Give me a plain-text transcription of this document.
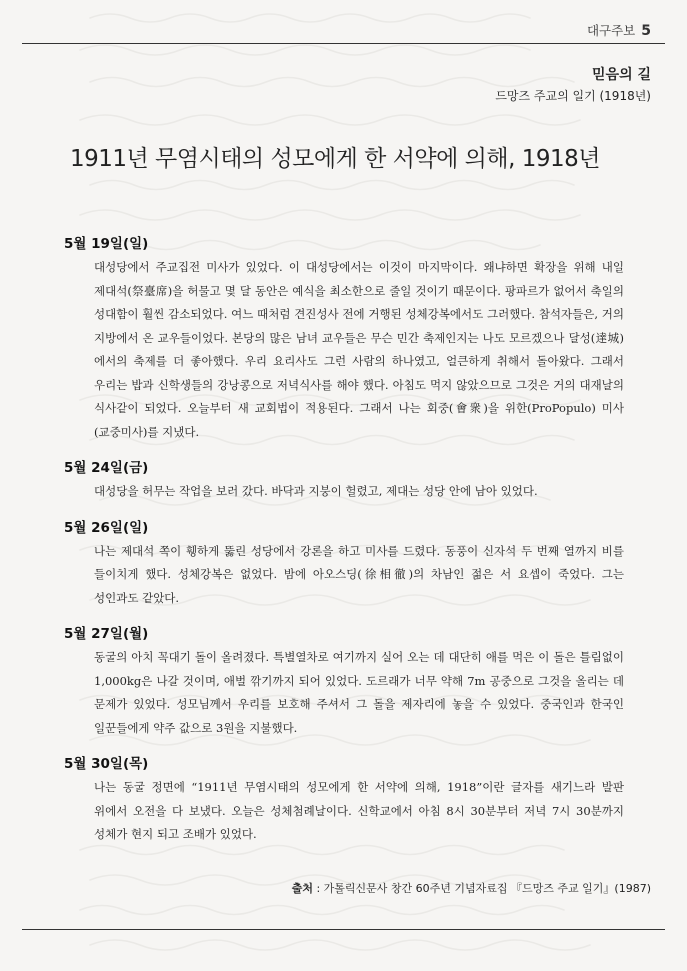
대구주보 5
믿음의 길
드망즈 주교의 일기 (1918년)
1911년 무염시태의 성모에게 한 서약에 의해, 1918년
5월 19일(일)
대성당에서 주교집전 미사가 있었다. 이 대성당에서는 이것이 마지막이다. 왜냐하면 확장을 위해 내일 제대석(祭臺席)을 허물고 몇 달 동안은 예식을 최소한으로 줄일 것이기 때문이다. 팡파르가 없어서 축일의 성대함이 훨씬 감소되었다. 여느 때처럼 견진성사 전에 거행된 성체강복에서도 그러했다. 참석자들은, 거의 지방에서 온 교우들이었다. 본당의 많은 남녀 교우들은 무슨 민간 축제인지는 나도 모르겠으나 달성(達城)에서의 축제를 더 좋아했다. 우리 요리사도 그런 사람의 하나였고, 얼큰하게 취해서 돌아왔다. 그래서 우리는 밥과 신학생들의 강낭콩으로 저녁식사를 해야 했다. 아침도 먹지 않았으므로 그것은 거의 대재날의 식사같이 되었다. 오늘부터 새 교회법이 적용된다. 그래서 나는 회중(會衆)을 위한(ProPopulo) 미사(교중미사)를 지냈다.
5월 24일(금)
대성당을 허무는 작업을 보러 갔다. 바닥과 지붕이 헐렸고, 제대는 성당 안에 남아 있었다.
5월 26일(일)
나는 제대석 쪽이 휑하게 뚫린 성당에서 강론을 하고 미사를 드렸다. 동풍이 신자석 두 번째 열까지 비를 들이치게 했다. 성체강복은 없었다. 밤에 아오스딩(徐相徹)의 차남인 젊은 서 요셉이 죽었다. 그는 성인과도 같았다.
5월 27일(월)
동굴의 아치 꼭대기 돌이 올려졌다. 특별열차로 여기까지 실어 오는 데 대단히 애를 먹은 이 돌은 틀림없이 1,000kg은 나갈 것이며, 애벌 깎기까지 되어 있었다. 도르래가 너무 약해 7m 공중으로 그것을 올리는 데 문제가 있었다. 성모님께서 우리를 보호해 주셔서 그 돌을 제자리에 놓을 수 있었다. 중국인과 한국인 일꾼들에게 약주 값으로 3원을 지불했다.
5월 30일(목)
나는 동굴 정면에 “1911년 무염시태의 성모에게 한 서약에 의해, 1918”이란 글자를 새기느라 발판 위에서 오전을 다 보냈다. 오늘은 성체첨례날이다. 신학교에서 아침 8시 30분부터 저녁 7시 30분까지 성체가 현지 되고 조배가 있었다.
출처 : 가톨릭신문사 창간 60주년 기념자료집 『드망즈 주교 일기』(1987)
